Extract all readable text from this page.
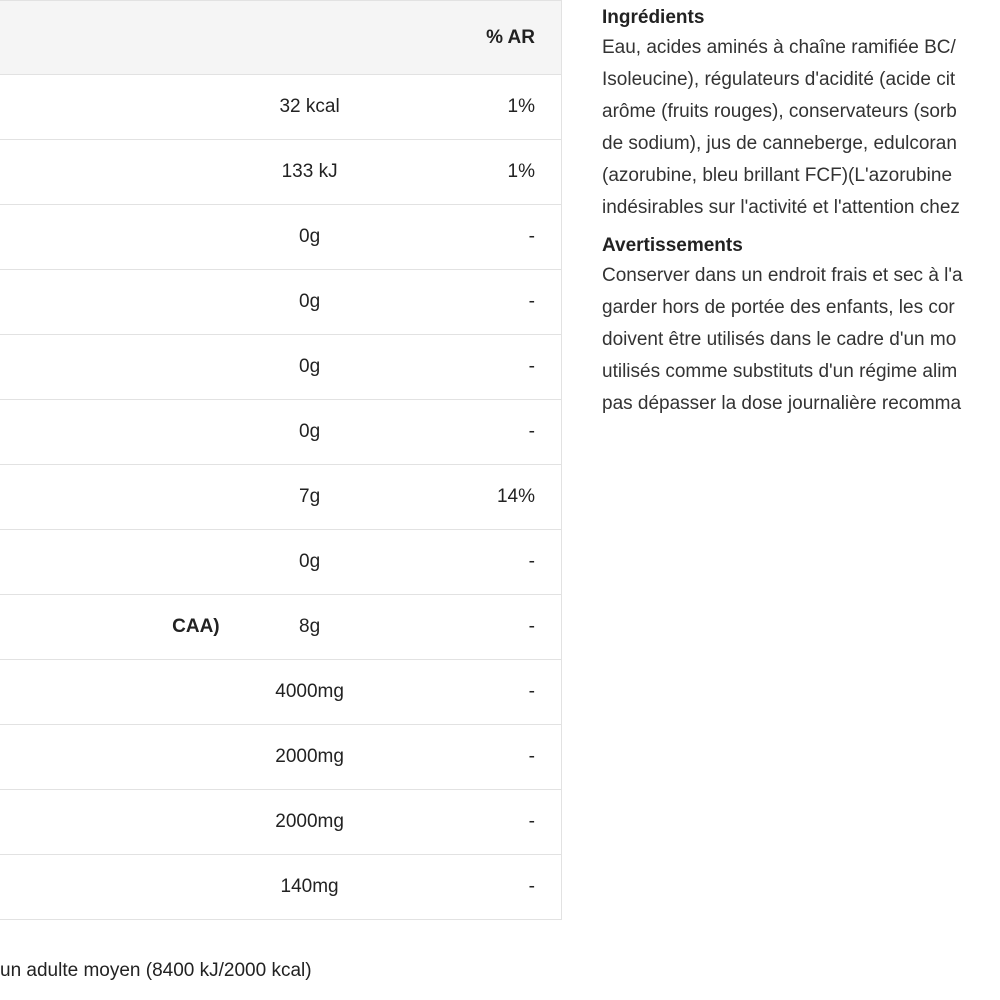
		% AR
	32 kcal	1%
	133 kJ	1%
	0g	-
	0g	-
	0g	-
	0g	-
	7g	14%
	0g	-
CAA)	8g	-
	4000mg	-
	2000mg	-
	2000mg	-
	140mg	-
un adulte moyen (8400 kJ/2000 kcal)
Ingrédients
Eau, acides aminés à chaîne ramifiée BC/
Isoleucine), régulateurs d'acidité (acide cit
arôme (fruits rouges), conservateurs (sorb
de sodium), jus de canneberge, edulcoran
(azorubine, bleu brillant FCF)(L'azorubine
indésirables sur l'activité et l'attention chez
Avertissements
Conserver dans un endroit frais et sec à l'a
garder hors de portée des enfants, les cor
doivent être utilisés dans le cadre d'un mo
utilisés comme substituts d'un régime alim
pas dépasser la dose journalière recomma
